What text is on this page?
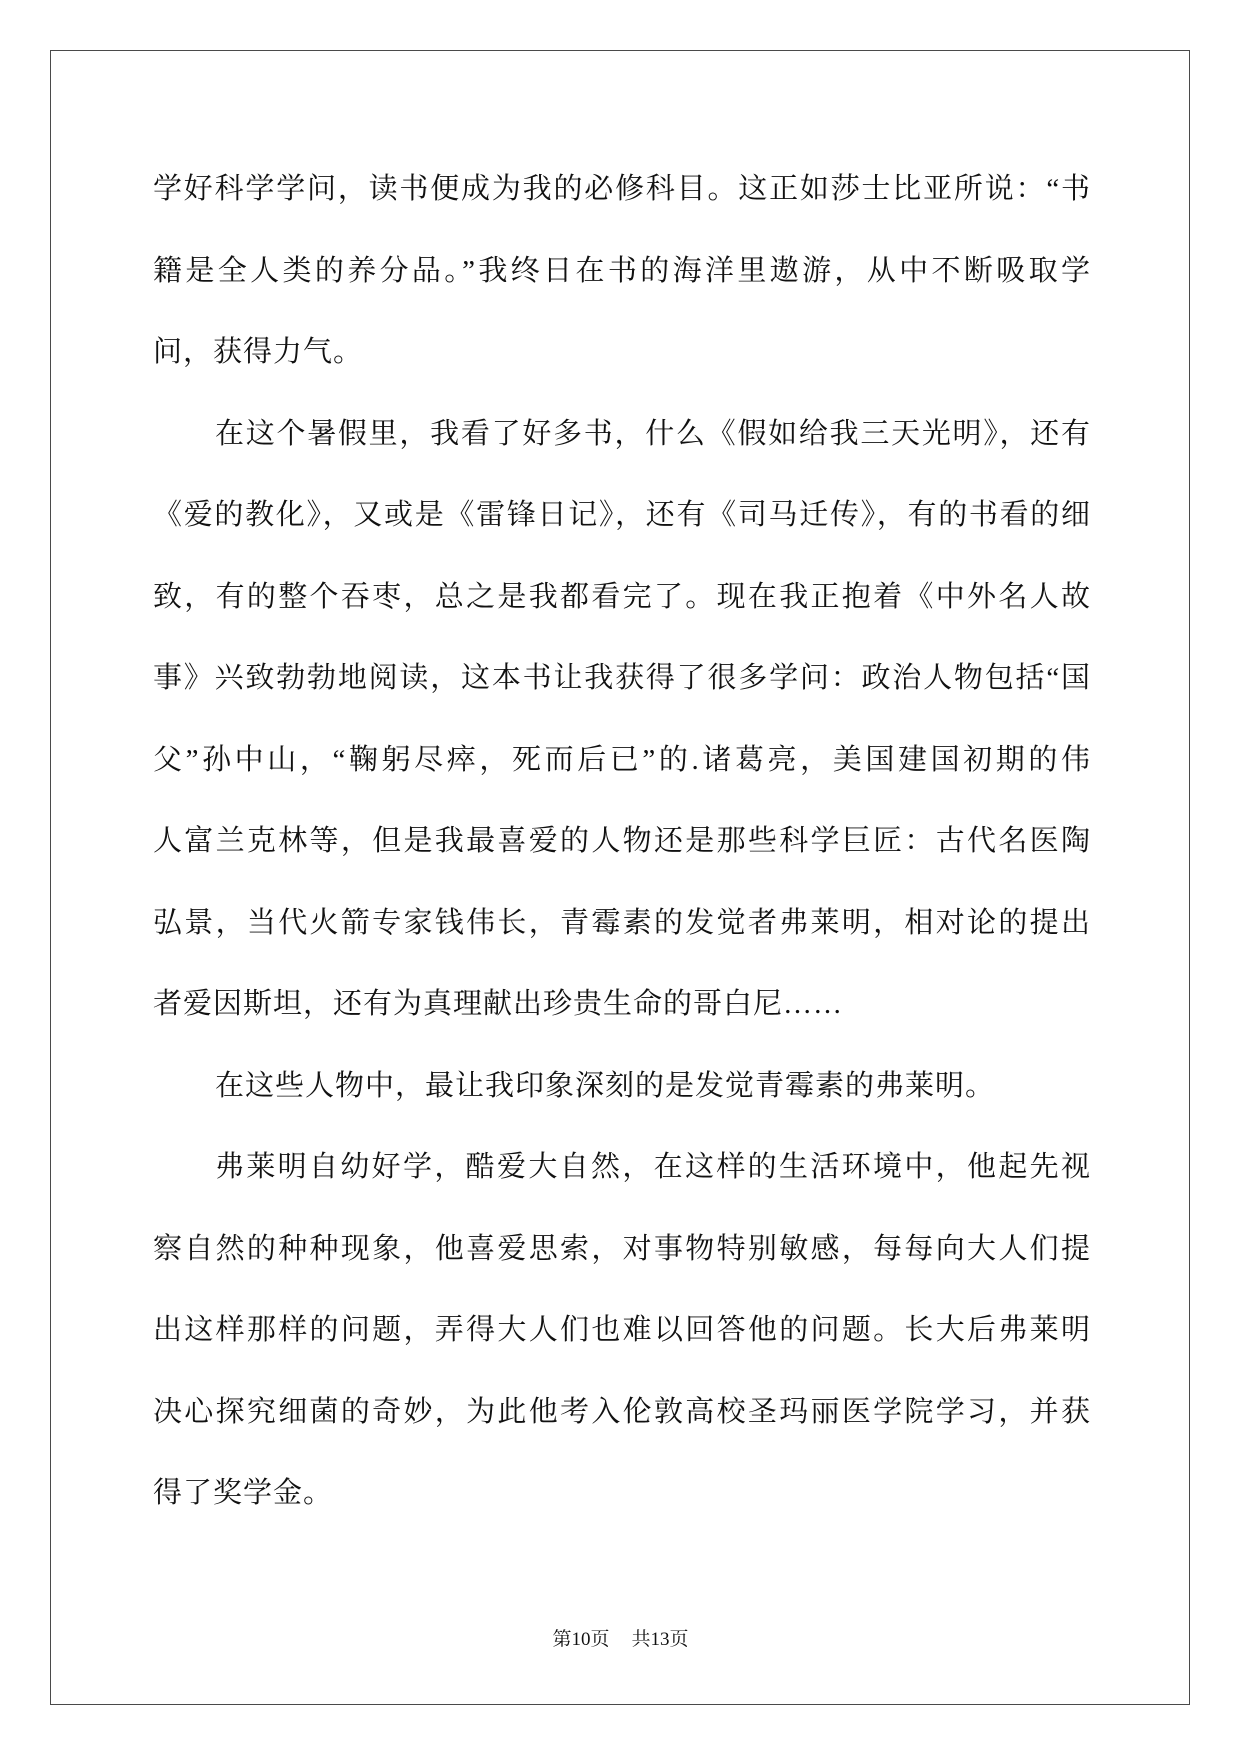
学好科学学问，读书便成为我的必修科目。这正如莎士比亚所说：“书
籍是全人类的养分品。”我终日在书的海洋里遨游，从中不断吸取学
问，获得力气。
在这个暑假里，我看了好多书，什么《假如给我三天光明》，还有
《爱的教化》，又或是《雷锋日记》，还有《司马迁传》，有的书看的细
致，有的整个吞枣，总之是我都看完了。现在我正抱着《中外名人故
事》兴致勃勃地阅读，这本书让我获得了很多学问：政治人物包括“国
父”孙中山，“鞠躬尽瘁，死而后已”的.诸葛亮，美国建国初期的伟
人富兰克林等，但是我最喜爱的人物还是那些科学巨匠：古代名医陶
弘景，当代火箭专家钱伟长，青霉素的发觉者弗莱明，相对论的提出
者爱因斯坦，还有为真理献出珍贵生命的哥白尼……
在这些人物中，最让我印象深刻的是发觉青霉素的弗莱明。
弗莱明自幼好学，酷爱大自然，在这样的生活环境中，他起先视
察自然的种种现象，他喜爱思索，对事物特别敏感，每每向大人们提
出这样那样的问题，弄得大人们也难以回答他的问题。长大后弗莱明
决心探究细菌的奇妙，为此他考入伦敦高校圣玛丽医学院学习，并获
得了奖学金。
第10页 共13页
